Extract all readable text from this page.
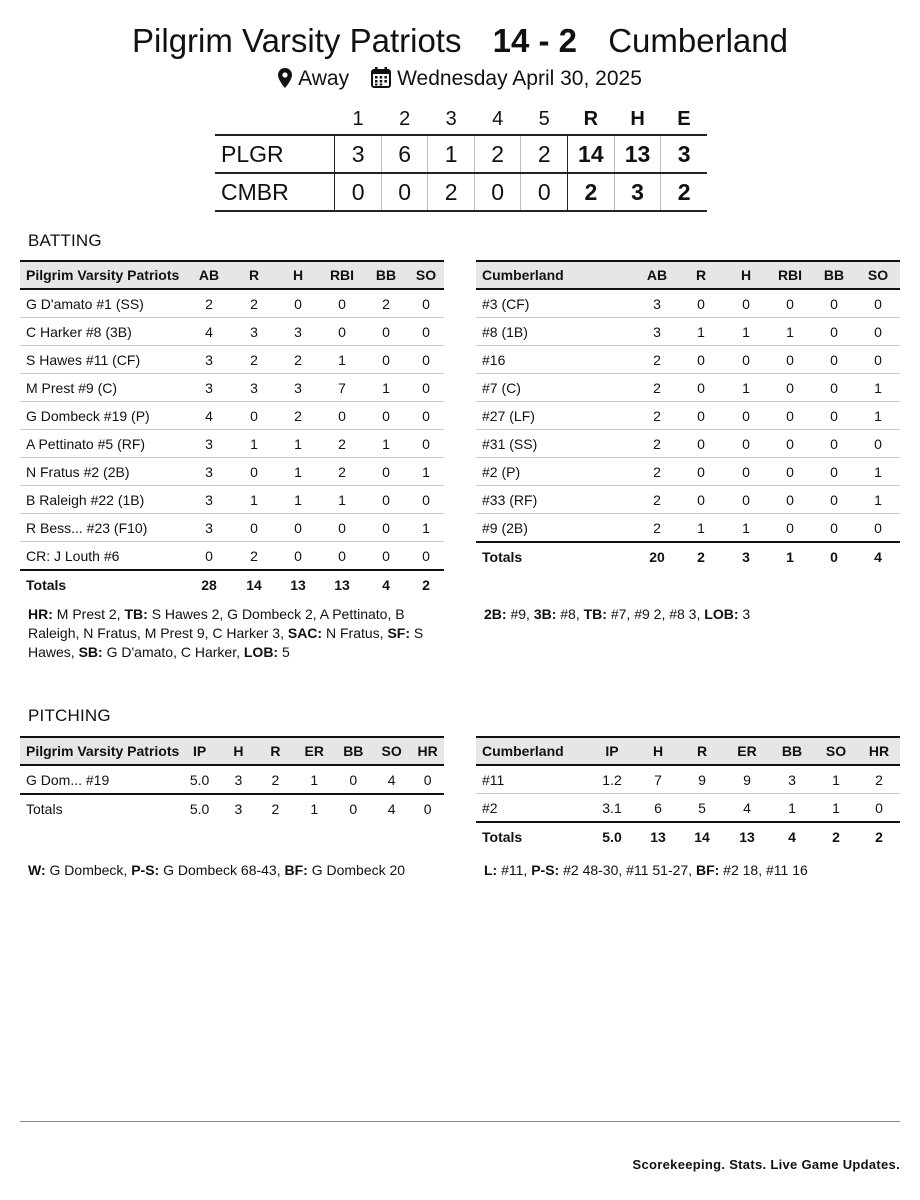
Pilgrim Varsity Patriots 14 - 2 Cumberland
Away Wednesday April 30, 2025
	1	2	3	4	5	R	H	E
PLGR	3	6	1	2	2	14	13	3
CMBR	0	0	2	0	0	2	3	2
BATTING
Pilgrim Varsity Patriots	AB	R	H	RBI	BB	SO
G D'amato #1 (SS)	2	2	0	0	2	0
C Harker #8 (3B)	4	3	3	0	0	0
S Hawes #11 (CF)	3	2	2	1	0	0
M Prest #9 (C)	3	3	3	7	1	0
G Dombeck #19 (P)	4	0	2	0	0	0
A Pettinato #5 (RF)	3	1	1	2	1	0
N Fratus #2 (2B)	3	0	1	2	0	1
B Raleigh #22 (1B)	3	1	1	1	0	0
R Bess... #23 (F10)	3	0	0	0	0	1
CR: J Louth #6	0	2	0	0	0	0
Totals	28	14	13	13	4	2
Cumberland	AB	R	H	RBI	BB	SO
#3 (CF)	3	0	0	0	0	0
#8 (1B)	3	1	1	1	0	0
#16	2	0	0	0	0	0
#7 (C)	2	0	1	0	0	1
#27 (LF)	2	0	0	0	0	1
#31 (SS)	2	0	0	0	0	0
#2 (P)	2	0	0	0	0	1
#33 (RF)	2	0	0	0	0	1
#9 (2B)	2	1	1	0	0	0
Totals	20	2	3	1	0	4
HR: M Prest 2, TB: S Hawes 2, G Dombeck 2, A Pettinato, B Raleigh, N Fratus, M Prest 9, C Harker 3, SAC: N Fratus, SF: S Hawes, SB: G D'amato, C Harker, LOB: 5
2B: #9, 3B: #8, TB: #7, #9 2, #8 3, LOB: 3
PITCHING
Pilgrim Varsity Patriots	IP	H	R	ER	BB	SO	HR
G Dom... #19	5.0	3	2	1	0	4	0
Totals	5.0	3	2	1	0	4	0
Cumberland	IP	H	R	ER	BB	SO	HR
#11	1.2	7	9	9	3	1	2
#2	3.1	6	5	4	1	1	0
Totals	5.0	13	14	13	4	2	2
W: G Dombeck, P-S: G Dombeck 68-43, BF: G Dombeck 20	L: #11, P-S: #2 48-30, #11 51-27, BF: #2 18, #11 16
Scorekeeping. Stats. Live Game Updates.
